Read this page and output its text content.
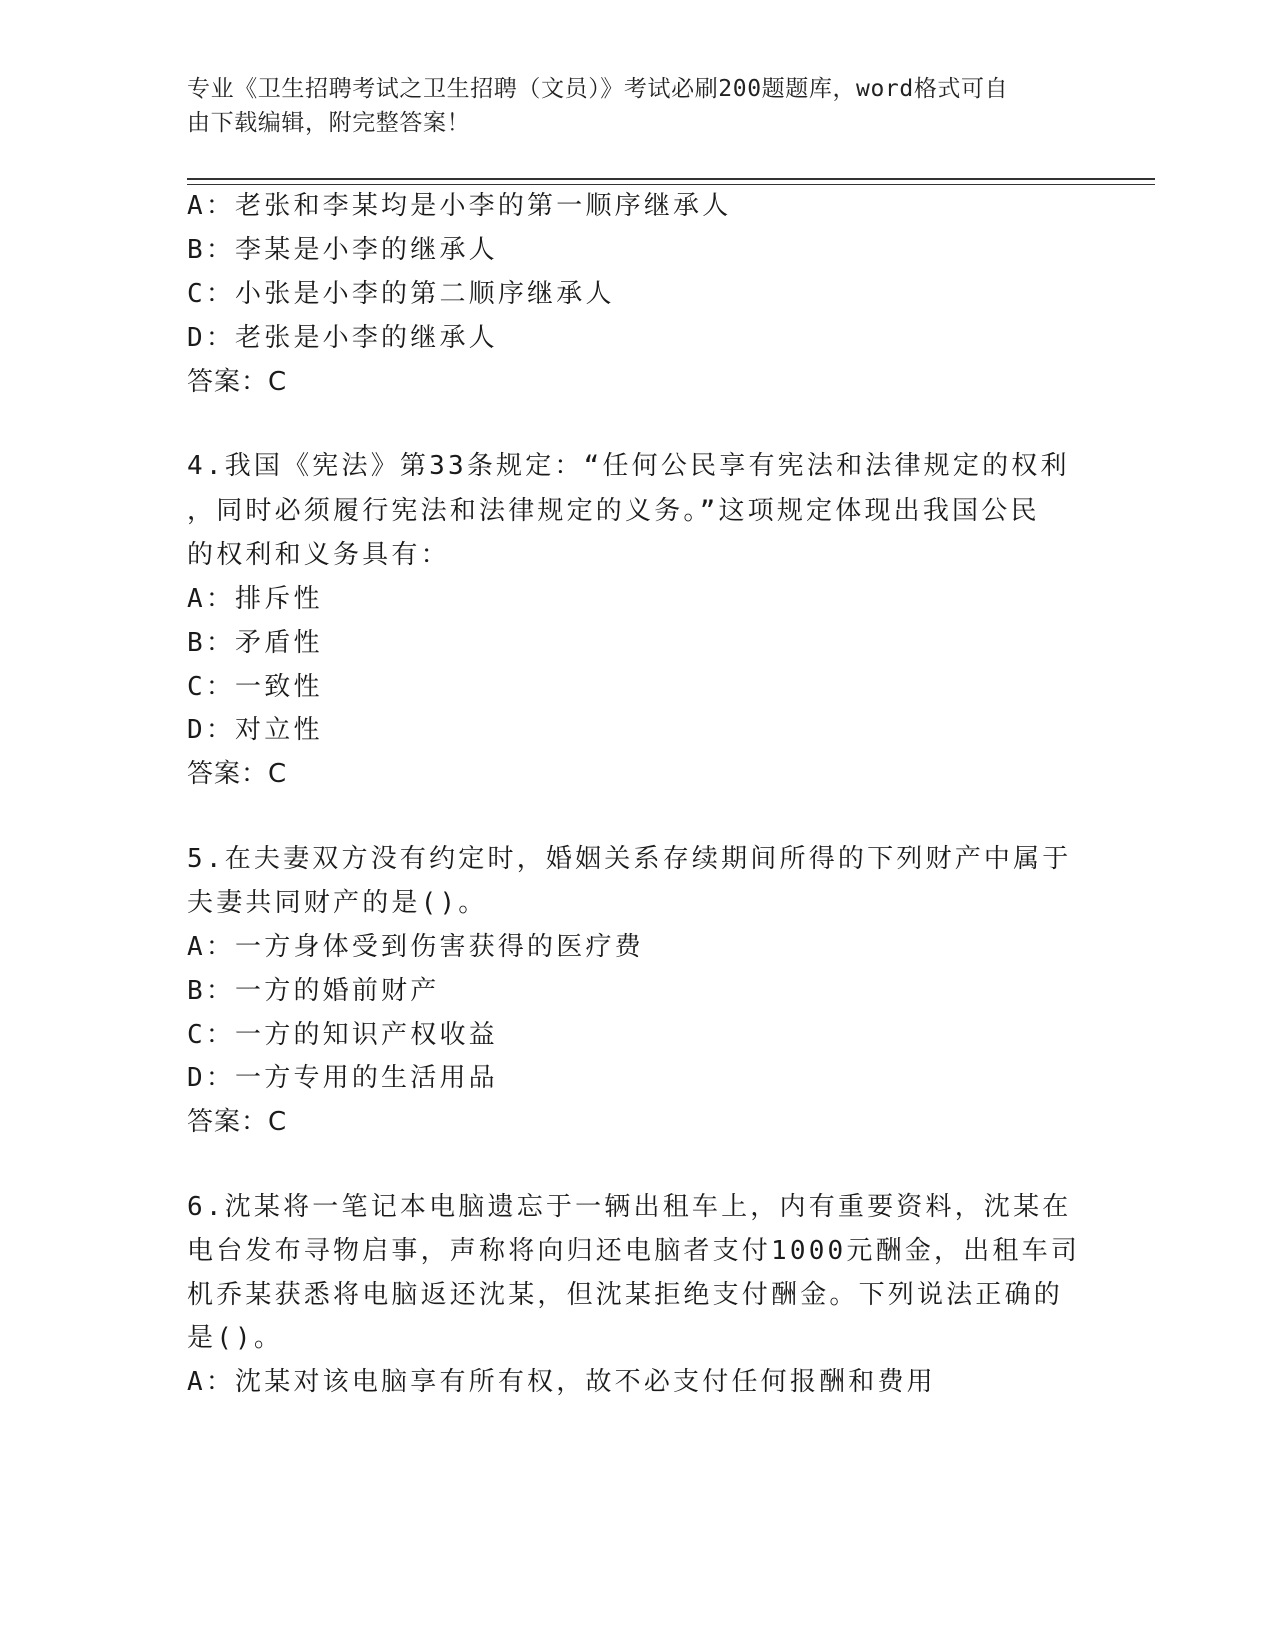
专业《卫生招聘考试之卫生招聘（文员）》考试必刷200题题库，word格式可自
由下载编辑，附完整答案！
A：老张和李某均是小李的第一顺序继承人
B：李某是小李的继承人
C：小张是小李的第二顺序继承人
D：老张是小李的继承人
答案：C
4.我国《宪法》第33条规定：“任何公民享有宪法和法律规定的权利
，同时必须履行宪法和法律规定的义务。”这项规定体现出我国公民
的权利和义务具有：
A：排斥性
B：矛盾性
C：一致性
D：对立性
答案：C
5.在夫妻双方没有约定时，婚姻关系存续期间所得的下列财产中属于
夫妻共同财产的是()。
A：一方身体受到伤害获得的医疗费
B：一方的婚前财产
C：一方的知识产权收益
D：一方专用的生活用品
答案：C
6.沈某将一笔记本电脑遗忘于一辆出租车上，内有重要资料，沈某在
电台发布寻物启事，声称将向归还电脑者支付1000元酬金，出租车司
机乔某获悉将电脑返还沈某，但沈某拒绝支付酬金。下列说法正确的
是()。
A：沈某对该电脑享有所有权，故不必支付任何报酬和费用
